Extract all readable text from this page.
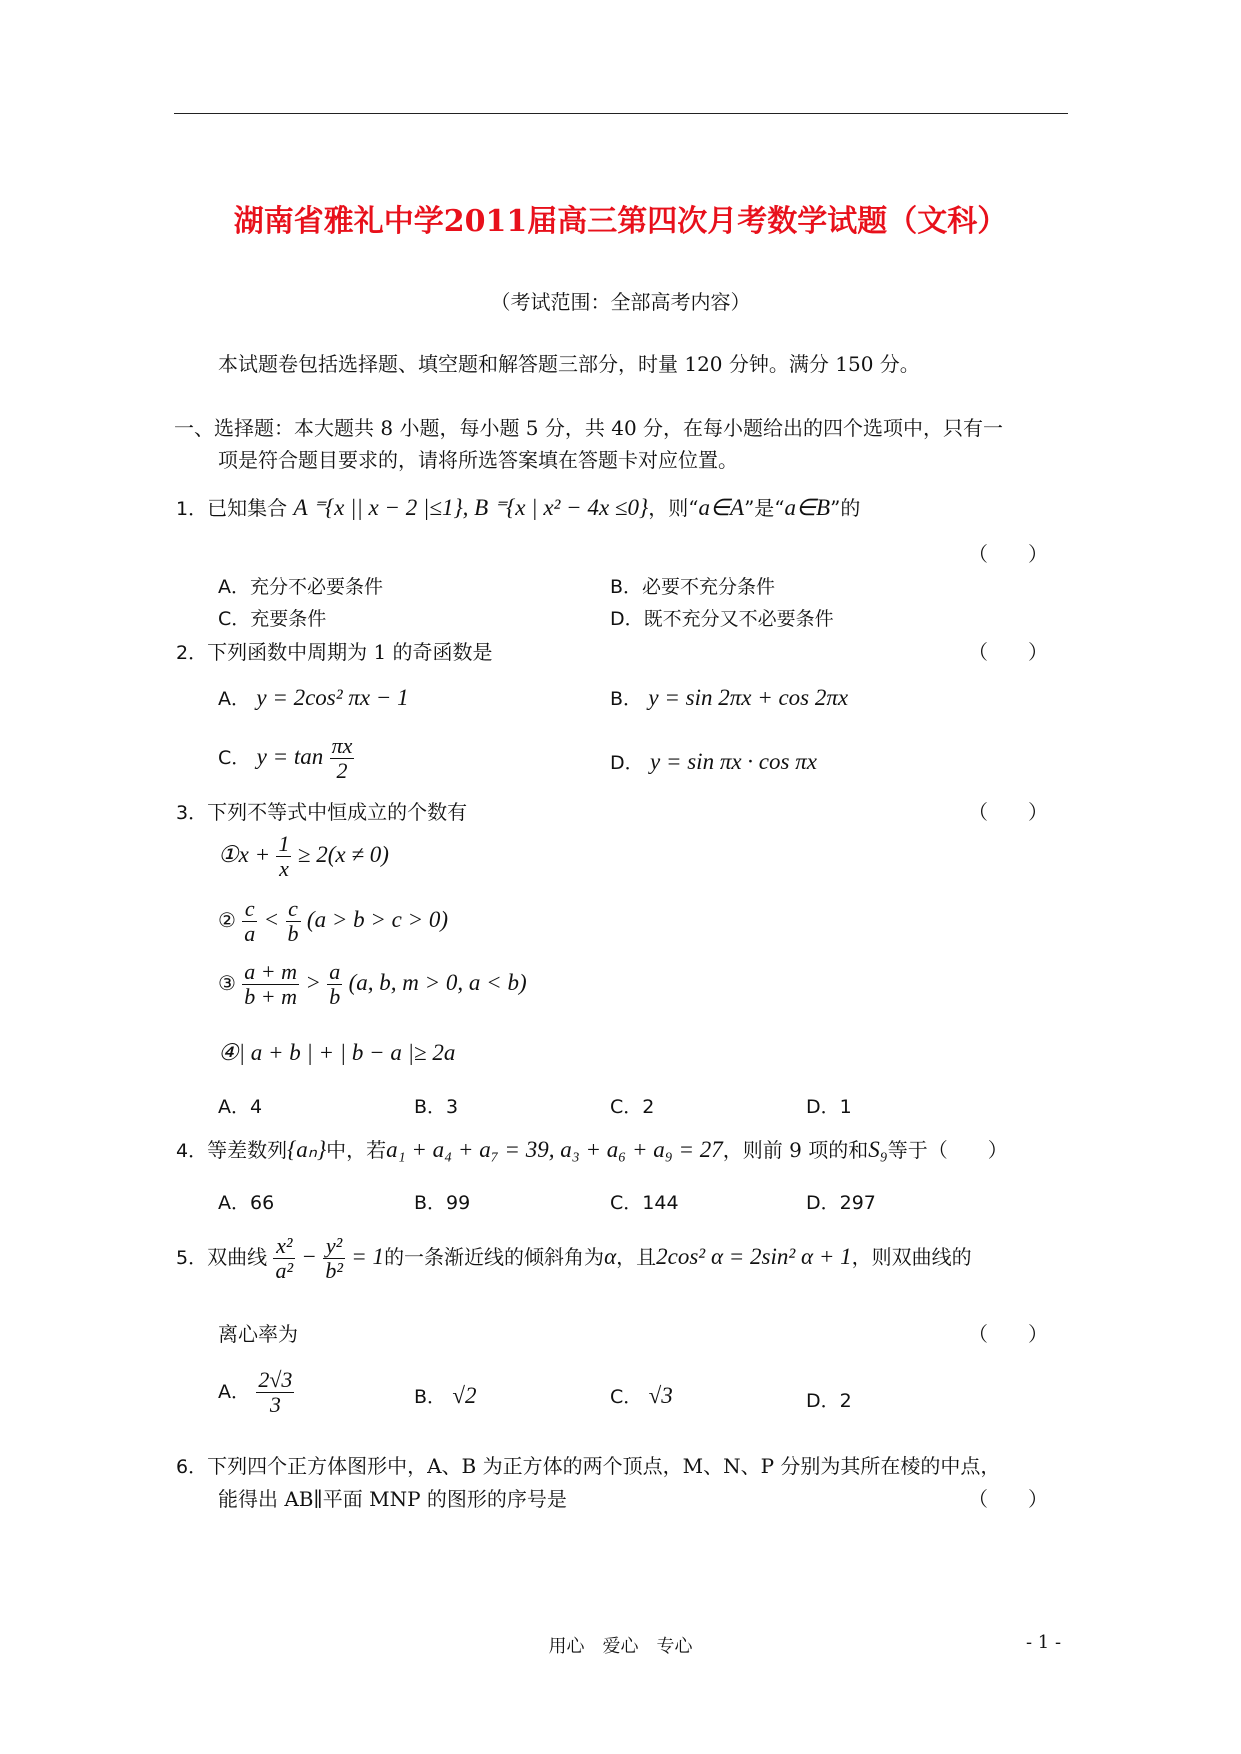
湖南省雅礼中学2011届高三第四次月考数学试题（文科）
（考试范围：全部高考内容）
本试题卷包括选择题、填空题和解答题三部分，时量 120 分钟。满分 150 分。
一、选择题：本大题共 8 小题，每小题 5 分，共 40 分，在每小题给出的四个选项中，只有一
项是符合题目要求的，请将所选答案填在答题卡对应位置。
1．已知集合 A ⁼{x || x − 2 |≤1}, B ⁼{x | x² − 4x ≤0}，则“a∈A”是“a∈B”的
（　　）
A．充分不必要条件	B．必要不充分条件
C．充要条件	D．既不充分又不必要条件
2．下列函数中周期为 1 的奇函数是	（　　）
A． y = 2cos² πx − 1	B． y = sin 2πx + cos 2πx
C． $y = \tan \frac{\pi x}{2}$	D． y = sin πx · cos πx
3．下列不等式中恒成立的个数有	（　　）
①x + $\frac{1}{x} \ge 2(x \ne 0)$
② $\frac{c}{a} < \frac{c}{b} (a > b > c > 0)$
③ $\frac{a + m}{b + m} > \frac{a}{b} (a$, b, m > 0, a < b)
④| a + b | + | b − a |≥ 2a
A．4	B．3	C．2	D．1
4．等差数列{aₙ}中，若a₁ + a₄ + a₇ = 39, a₃ + a₆ + a₉ = 27，则前 9 项的和S₉等于（　　）
A．66	B．99	C．144	D．297
5．双曲线 $\frac{\text{x²}}{\text{a²}} - \frac{\text{y²}}{\text{b²}} = 1$的一条渐近线的倾斜角为α，且2cos² α = 2sin² α + 1，则双曲线的
离心率为	（　　）
A． $\frac{2√3}{3}$	B． √2	C． √3	D．2
6．下列四个正方体图形中，A、B 为正方体的两个顶点，M、N、P 分别为其所在棱的中点，
能得出 AB∥平面 MNP 的图形的序号是	（　　）
用心　爱心　专心	- 1 -
